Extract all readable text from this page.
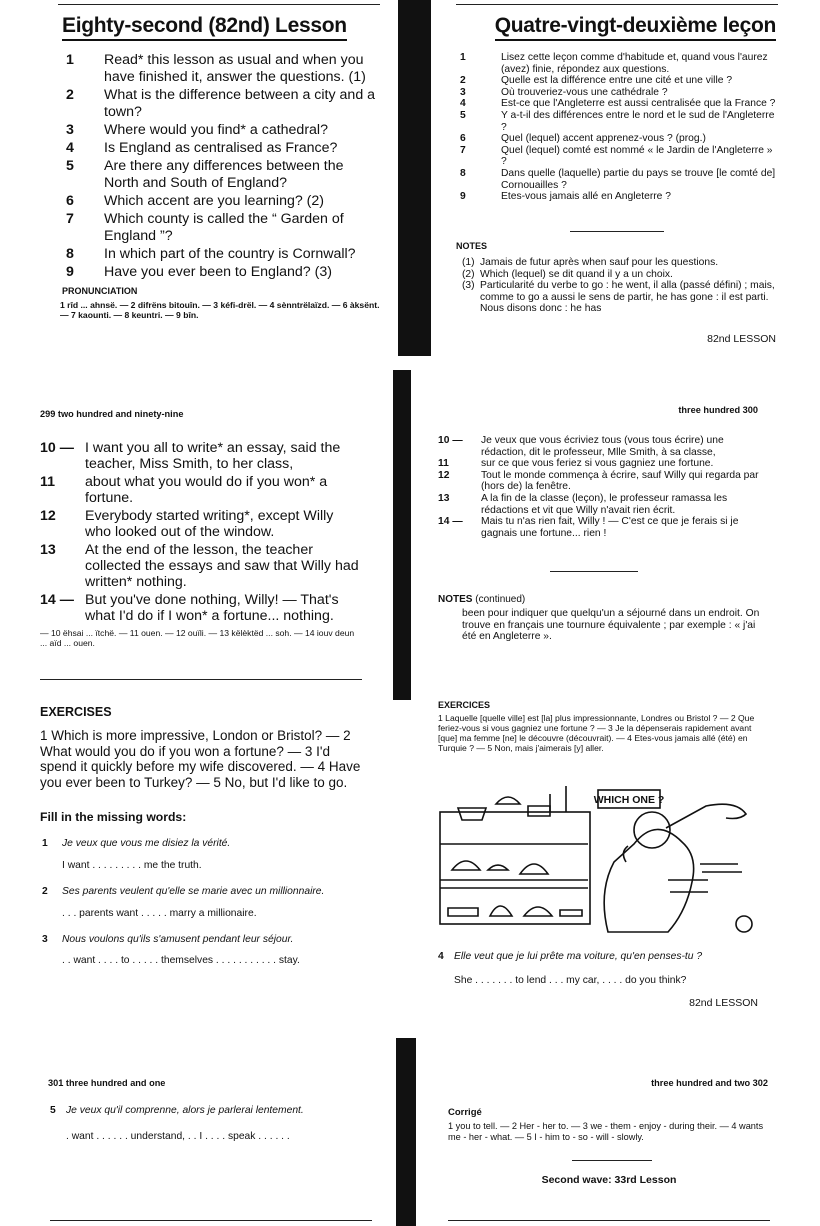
Eighty-second (82nd) Lesson	Quatre-vingt-deuxième leçon
1 Read* this lesson as usual and when you have finished it, answer the questions. (1)
2 What is the difference between a city and a town?
3 Where would you find* a cathedral?
4 Is England as centralised as France?
5 Are there any differences between the North and South of England?
6 Which accent are you learning? (2)
7 Which county is called the “ Garden of England ”?
8 In which part of the country is Cornwall?
9 Have you ever been to England? (3)
PRONUNCIATION
1 rîd ... ahnsë. — 2 difrëns bitouîn. — 3 kéfi-drël. — 4 sènntrëlaïzd. — 6 àksënt. — 7 kaounti. — 8 keuntri. — 9 bîn.
1	Lisez cette leçon comme d'habitude et, quand vous l'aurez (avez) finie, répondez aux questions.
2	Quelle est la différence entre une cité et une ville ?
3	Où trouveriez-vous une cathédrale ?
4	Est-ce que l'Angleterre est aussi centralisée que la France ?
5	Y a-t-il des différences entre le nord et le sud de l'Angleterre ?
6	Quel (lequel) accent apprenez-vous ? (prog.)
7	Quel (lequel) comté est nommé « le Jardin de l'Angleterre » ?
8	Dans quelle (laquelle) partie du pays se trouve [le comté de] Cornouailles ?
9	Etes-vous jamais allé en Angleterre ?
NOTES
(1) Jamais de futur après when sauf pour les questions.
(2) Which (lequel) se dit quand il y a un choix.
(3) Particularité du verbe to go : he went, il alla (passé défini) ; mais, comme to go a aussi le sens de partir, he has gone : il est parti. Nous disons donc : he has
82nd LESSON
299 two hundred and ninety-nine	three hundred 300
10 — I want you all to write* an essay, said the teacher, Miss Smith, to her class,
11 about what you would do if you won* a fortune.
12 Everybody started writing*, except Willy who looked out of the window.
13 At the end of the lesson, the teacher collected the essays and saw that Willy had written* nothing.
14 — But you've done nothing, Willy! — That's what I'd do if I won* a fortune... nothing.
— 10 ëhsai ... ïtchë. — 11 ouen. — 12 ouïli. — 13 këlèktëd ... soh. — 14 iouv deun ... aïd ... ouen.
10 — Je veux que vous écriviez tous (vous tous écrire) une rédaction, dit le professeur, Mlle Smith, à sa classe,
11	sur ce que vous feriez si vous gagniez une fortune.
12	Tout le monde commença à écrire, sauf Willy qui regarda par (hors de) la fenêtre.
13	A la fin de la classe (leçon), le professeur ramassa les rédactions et vit que Willy n'avait rien écrit.
14 — Mais tu n'as rien fait, Willy ! — C'est ce que je ferais si je gagnais une fortune... rien !
NOTES (continued)
been pour indiquer que quelqu'un a séjourné dans un endroit. On trouve en français une tournure équivalente ; par exemple : « j'ai été en Angleterre ».
EXERCISES
1 Which is more impressive, London or Bristol? — 2 What would you do if you won a fortune? — 3 I'd spend it quickly before my wife discovered. — 4 Have you ever been to Turkey? — 5 No, but I'd like to go.
Fill in the missing words:
1 Je veux que vous me disiez la vérité.
I want . . . . . . . . . me the truth.
2 Ses parents veulent qu'elle se marie avec un millionnaire.
. . . parents want . . . . . marry a millionaire.
3 Nous voulons qu'ils s'amusent pendant leur séjour.
. . want . . . . to . . . . . themselves . . . . . . . . . . . stay.
EXERCICES
1 Laquelle [quelle ville] est [la] plus impressionnante, Londres ou Bristol ? — 2 Que feriez-vous si vous gagniez une fortune ? — 3 Je la dépenserais rapidement avant [que] ma femme [ne] le découvre (découvrait). — 4 Etes-vous jamais allé (été) en Turquie ? — 5 Non, mais j'aimerais [y] aller.
WHICH ONE ?
4 Elle veut que je lui prête ma voiture, qu'en penses-tu ?
She . . . . . . . to lend . . . my car, . . . . do you think?
82nd LESSON
301 three hundred and one	three hundred and two 302
5 Je veux qu'il comprenne, alors je parlerai lentement.
. want . . . . . . understand, . . I . . . . speak . . . . . .
Corrigé
1 you to tell. — 2 Her - her to. — 3 we - them - enjoy - during their. — 4 wants me - her - what. — 5 I - him to - so - will - slowly.
Second wave: 33rd Lesson
